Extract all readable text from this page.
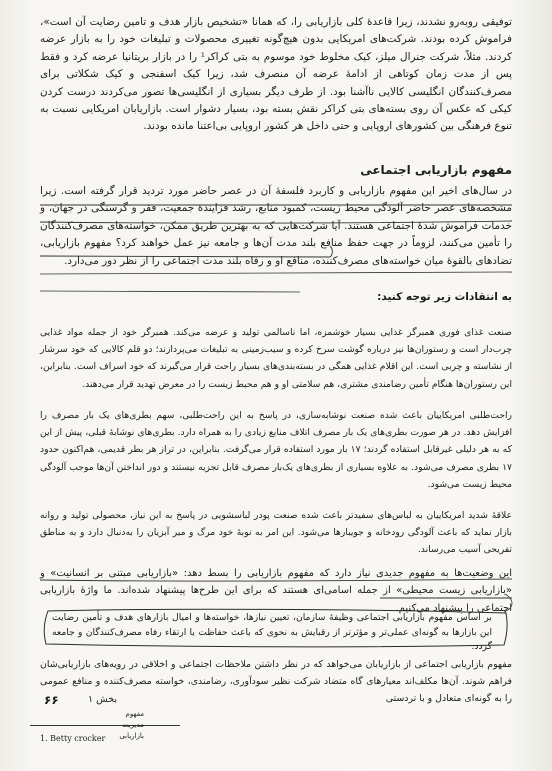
توفیقی روبه‌رو نشدند، زیرا قاعدهٔ کلی بازاریابی را، که همانا «تشخیص بازار هدف و تامین رضایت آن است»، فراموش کرده بودند. شرکت‌های امریکایی بدون هیچ‌گونه تغییری محصولات و تبلیغات خود را به بازار عرضه کردند. مثلاً، شرکت جنرال میلز، کیک مخلوط خود موسوم به بتی کراکر¹ را در بازار بریتانیا عرضه کرد و فقط پس از مدت زمان کوتاهی از ادامهٔ عرضه آن منصرف شد، زیرا کیک اسفنجی و کیک شکلاتی برای مصرف‌کنندگان انگلیسی کالایی ناآشنا بود. از طرف دیگر بسیاری از انگلیسی‌ها تصور می‌کردند درست کردن کیکی که عکس آن روی بسته‌های بتی کراکر نقش بسته بود، بسیار دشوار است. بازاریابان امریکایی نسبت به تنوع فرهنگی بین کشورهای اروپایی و حتی داخل هر کشور اروپایی بی‌اعتنا مانده بودند.

مفهوم بازاریابی اجتماعی

در سال‌های اخیر این مفهوم بازاریابی و کاربرد فلسفهٔ آن در عصر حاضر مورد تردید قرار گرفته است. زیرا مشخصه‌های عصر حاضر آلودگی محیط زیست، کمبود منابع، رشد فزایندهٔ جمعیت، فقر و گرسنگی در جهان، و خدمات فراموش شدهٔ اجتماعی هستند. آیا شرکت‌هایی که به بهترین طریق ممکن، خواسته‌های مصرف‌کنندگان را تأمین می‌کنند، لزوماً در جهت حفظ منافع بلند مدت آن‌ها و جامعه نیز عمل خواهند کرد؟ مفهوم بازاریابی، تضادهای بالقوهٔ میان خواسته‌های مصرف‌کننده، منافع او و رفاه بلند مدت اجتماعی را از نظر دور می‌دارد.

به انتقادات زیر توجه کنید:

صنعت غذای فوری همبرگر غذایی بسیار خوشمزه، اما ناسالمی تولید و عرضه می‌کند. همبرگر خود از جمله مواد غذایی چرب‌دار است و رستوران‌ها نیز درباره گوشت سرخ کرده و سیب‌زمینی به تبلیغات می‌پردازند؛ دو قلم کالایی که خود سرشار از نشاسته و چربی است. این اقلام غذایی همگی در بسته‌بندی‌های بسیار راحت قرار می‌گیرند که خود اسراف است. بنابراین، این رستوران‌ها هنگام تأمین رضامندی مشتری، هم سلامتی او و هم محیط زیست را در معرض تهدید قرار می‌دهند.

راحت‌طلبی امریکاییان باعث شده صنعت نوشابه‌سازی، در پاسخ به این راحت‌طلبی، سهم بطری‌های یک بار مصرف را افزایش دهد. در هر صورت بطری‌های یک بار مصرف اتلاف منابع زیادی را به همراه دارد. بطری‌های نوشابهٔ قبلی، پیش از این که به هر دلیلی غیرقابل استفاده گردند؛ ۱۷ بار مورد استفاده قرار می‌گرفت. بنابراین، در تراز هر بطر قدیمی، هم‌اکنون حدود ۱۷ بطری مصرف می‌شود. به علاوه بسیاری از بطری‌های یک‌بار مصرف قابل تجزیه نیستند و دور انداختن آن‌ها موجب آلودگی محیط زیست می‌شود.

علاقهٔ شدید امریکاییان به لباس‌های سفیدتر باعث شده صنعت پودر لباسشویی در پاسخ به این نیاز، محصولی تولید و روانه بازار نماید که باعث آلودگی رودخانه و جویبارها می‌شود. این امر به نوبهٔ خود مرگ و میر آبزیان را به‌دنبال دارد و به مناطق تفریحی آسیب می‌رساند.

این وضعیت‌ها به مفهوم جدیدی نیاز دارد که مفهوم بازاریابی را بسط دهد: «بازاریابی مبتنی بر انسانیت» و «بازاریابی زیست محیطی» از جمله اسامی‌ای هستند که برای این طرح‌ها پیشنهاد شده‌اند. ما واژهٔ بازاریابی اجتماعی را پیشنهاد می‌کنیم.

بر اساس مفهوم بازاریابی اجتماعی وظیفهٔ سازمان، تعیین نیازها، خواسته‌ها و امیال بازارهای هدف و تأمین رضایت این بازارها به گونه‌ای عملی‌تر و مؤثرتر از رقبایش به نحوی که باعث حفاظت یا ارتقاء رفاه مصرف‌کنندگان و جامعه گردد.

مفهوم بازاریابی اجتماعی از بازاریابان می‌خواهد که در نظر داشتن ملاحظات اجتماعی و اخلاقی در رویه‌های بازاریابی‌شان فراهم شوند. آن‌ها مکلف‌اند معیارهای گاه متضاد شرکت نظیر سودآوری، رضامندی، خواسته مصرف‌کننده و منافع عمومی را به گونه‌ای متعادل و با تردستی

1. Betty crocker
۶۶	بخش ۱
مفهوم
مدیریت
بازاریابی
